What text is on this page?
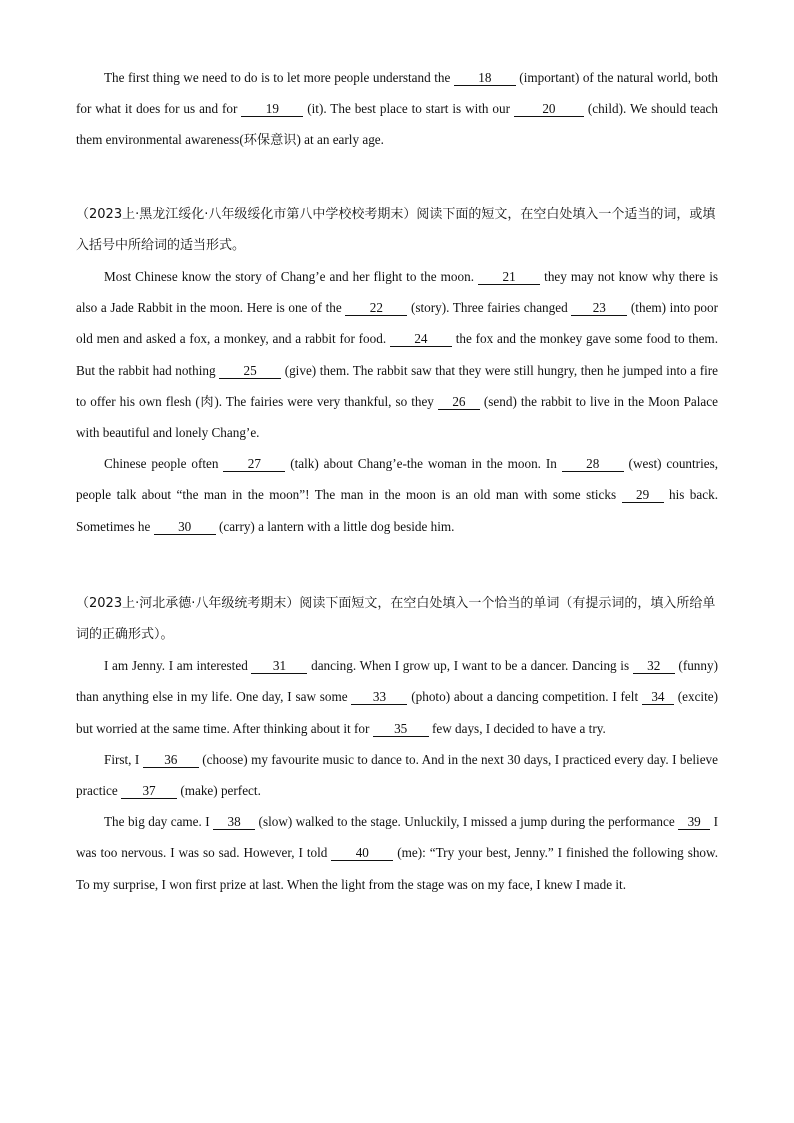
The first thing we need to do is to let more people understand the 18 (important) of the natural world, both for what it does for us and for 19 (it). The best place to start is with our 20 (child). We should teach them environmental awareness(环保意识) at an early age.

（2023上·黑龙江绥化·八年级绥化市第八中学校校考期末）阅读下面的短文，在空白处填入一个适当的词，或填入括号中所给词的适当形式。

Most Chinese know the story of Chang’e and her flight to the moon. 21 they may not know why there is also a Jade Rabbit in the moon. Here is one of the 22 (story). Three fairies changed 23 (them) into poor old men and asked a fox, a monkey, and a rabbit for food. 24 the fox and the monkey gave some food to them. But the rabbit had nothing 25 (give) them. The rabbit saw that they were still hungry, then he jumped into a fire to offer his own flesh (肉). The fairies were very thankful, so they 26 (send) the rabbit to live in the Moon Palace with beautiful and lonely Chang’e.

Chinese people often 27 (talk) about Chang’e-the woman in the moon. In 28 (west) countries, people talk about “the man in the moon”! The man in the moon is an old man with some sticks 29 his back. Sometimes he 30 (carry) a lantern with a little dog beside him.

（2023上·河北承德·八年级统考期末）阅读下面短文，在空白处填入一个恰当的单词（有提示词的，填入所给单词的正确形式）。

I am Jenny. I am interested 31 dancing. When I grow up, I want to be a dancer. Dancing is 32 (funny) than anything else in my life. One day, I saw some 33 (photo) about a dancing competition. I felt 34 (excite) but worried at the same time. After thinking about it for 35 few days, I decided to have a try.

First, I 36 (choose) my favourite music to dance to. And in the next 30 days, I practiced every day. I believe practice 37 (make) perfect.

The big day came. I 38 (slow) walked to the stage. Unluckily, I missed a jump during the performance 39 I was too nervous. I was so sad. However, I told 40 (me): “Try your best, Jenny.” I finished the following show. To my surprise, I won first prize at last. When the light from the stage was on my face, I knew I made it.
